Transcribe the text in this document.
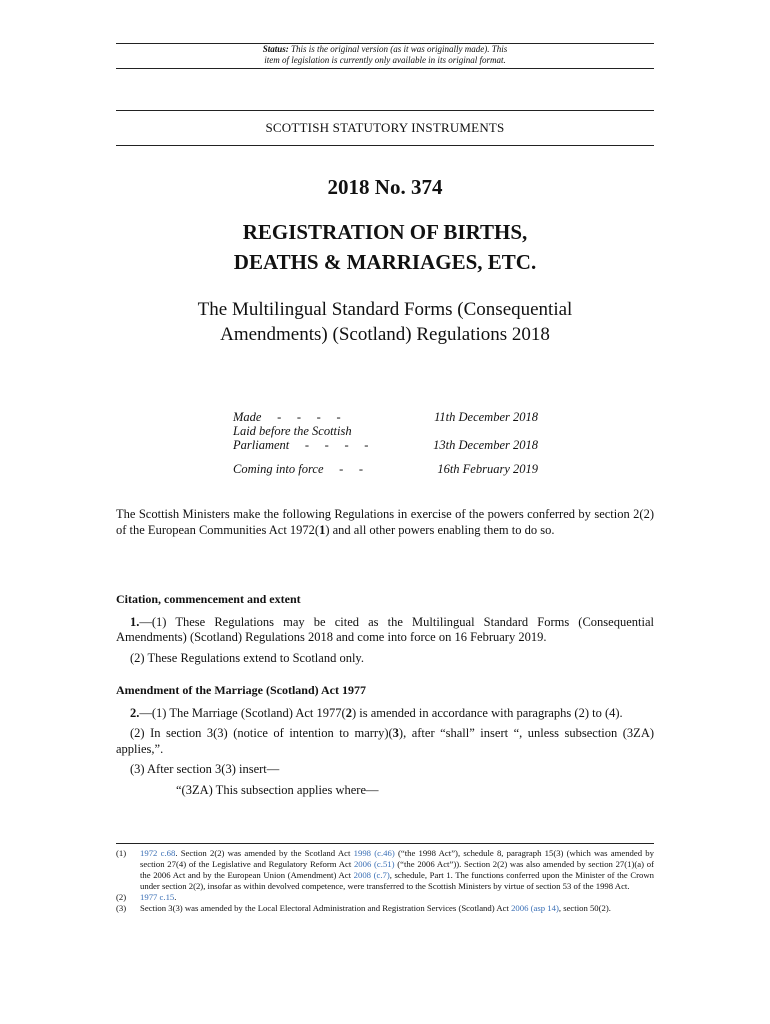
Status: This is the original version (as it was originally made). This
item of legislation is currently only available in its original format.
SCOTTISH STATUTORY INSTRUMENTS
2018 No. 374
REGISTRATION OF BIRTHS,
DEATHS & MARRIAGES, ETC.
The Multilingual Standard Forms (Consequential
Amendments) (Scotland) Regulations 2018
Made     -     -     -     -	11th December 2018
Laid before the Scottish
Parliament     -     -     -     -	13th December 2018
Coming into force     -     -	16th February 2019
The Scottish Ministers make the following Regulations in exercise of the powers conferred by section 2(2) of the European Communities Act 1972(1) and all other powers enabling them to do so.
Citation, commencement and extent
1.—(1) These Regulations may be cited as the Multilingual Standard Forms (Consequential Amendments) (Scotland) Regulations 2018 and come into force on 16 February 2019.
(2) These Regulations extend to Scotland only.
Amendment of the Marriage (Scotland) Act 1977
2.—(1) The Marriage (Scotland) Act 1977(2) is amended in accordance with paragraphs (2) to (4).
(2) In section 3(3) (notice of intention to marry)(3), after “shall” insert “, unless subsection (3ZA) applies,”.
(3) After section 3(3) insert—
“(3ZA) This subsection applies where—
(1)	1972 c.68. Section 2(2) was amended by the Scotland Act 1998 (c.46) (“the 1998 Act”), schedule 8, paragraph 15(3) (which was amended by section 27(4) of the Legislative and Regulatory Reform Act 2006 (c.51) (“the 2006 Act”)). Section 2(2) was also amended by section 27(1)(a) of the 2006 Act and by the European Union (Amendment) Act 2008 (c.7), schedule, Part 1. The functions conferred upon the Minister of the Crown under section 2(2), insofar as within devolved competence, were transferred to the Scottish Ministers by virtue of section 53 of the 1998 Act.
(2)	1977 c.15.
(3)	Section 3(3) was amended by the Local Electoral Administration and Registration Services (Scotland) Act 2006 (asp 14), section 50(2).
